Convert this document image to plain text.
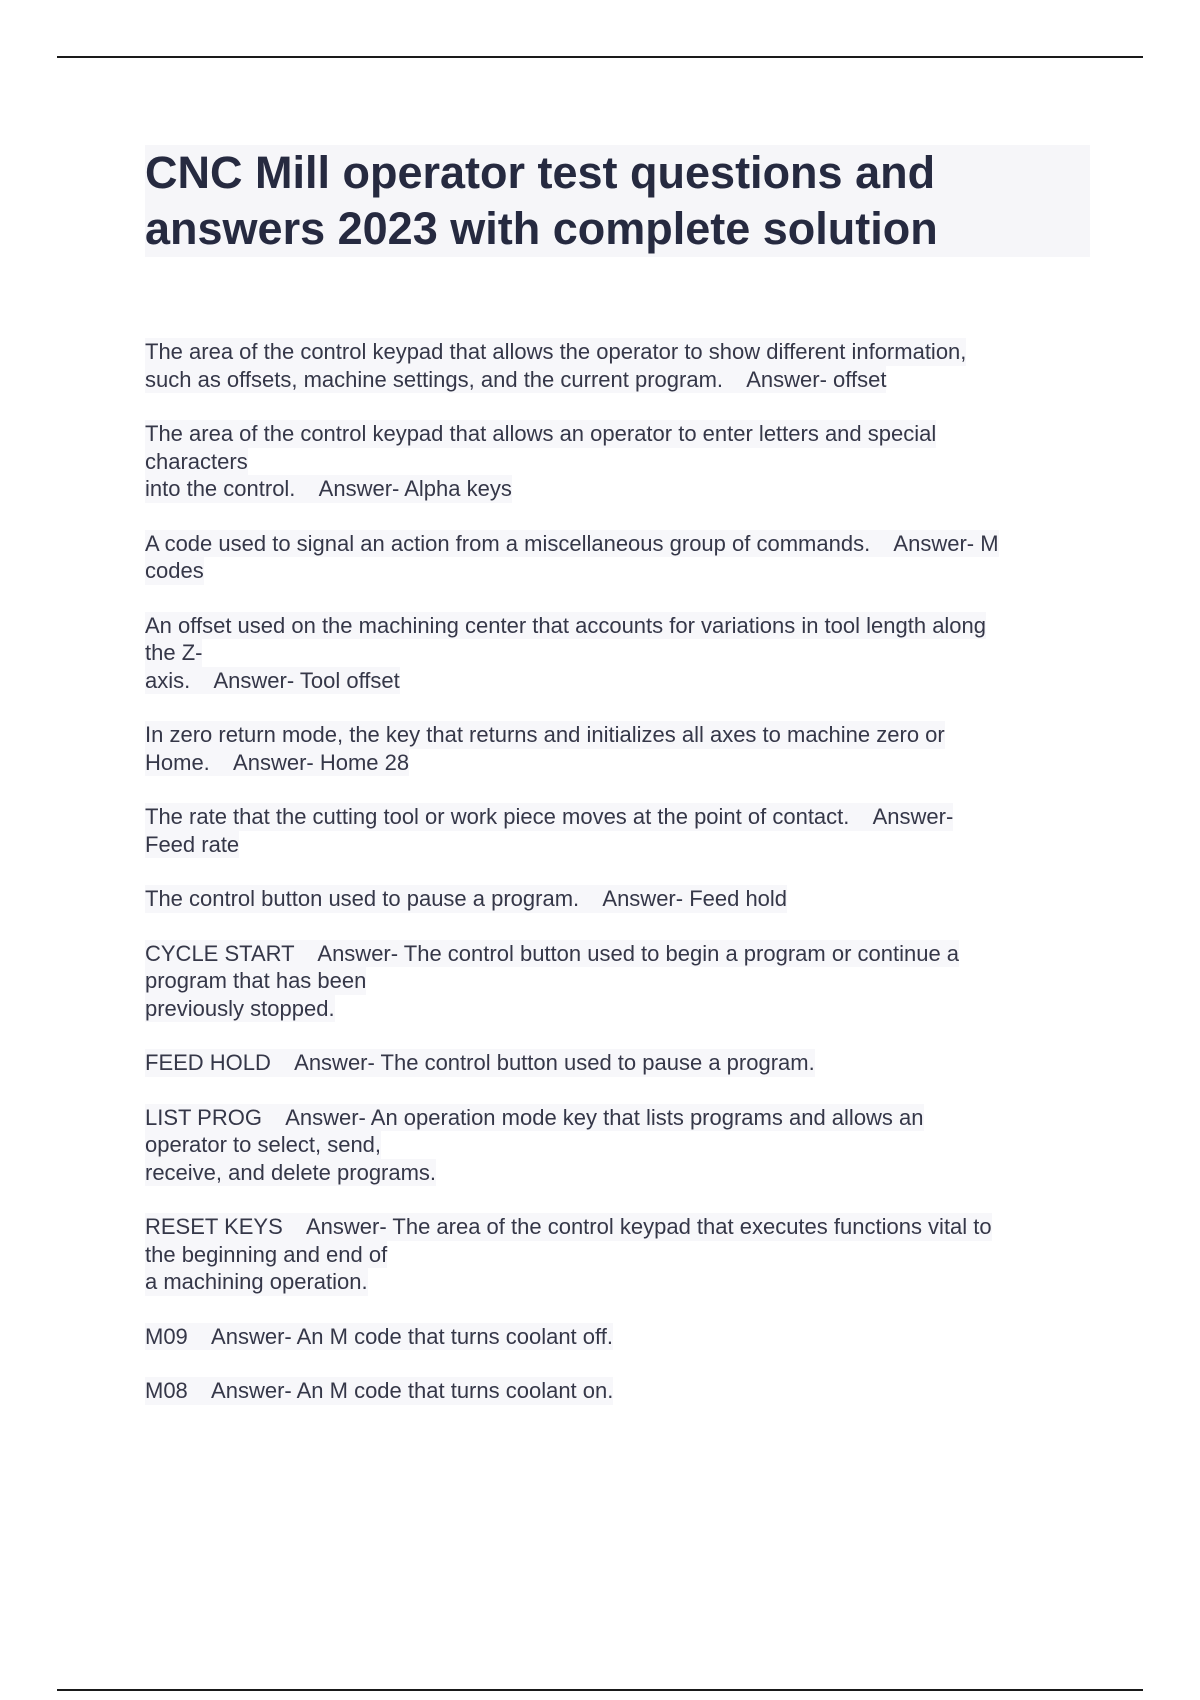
CNC Mill operator test questions and answers 2023 with complete solution

The area of the control keypad that allows the operator to show different information,
such as offsets, machine settings, and the current program.    Answer- offset

The area of the control keypad that allows an operator to enter letters and special
characters
into the control.    Answer- Alpha keys

A code used to signal an action from a miscellaneous group of commands.    Answer- M
codes

An offset used on the machining center that accounts for variations in tool length along
the Z-
axis.    Answer- Tool offset

In zero return mode, the key that returns and initializes all axes to machine zero or
Home.    Answer- Home 28

The rate that the cutting tool or work piece moves at the point of contact.    Answer-
Feed rate

The control button used to pause a program.    Answer- Feed hold

CYCLE START    Answer- The control button used to begin a program or continue a
program that has been
previously stopped.

FEED HOLD    Answer- The control button used to pause a program.

LIST PROG    Answer- An operation mode key that lists programs and allows an
operator to select, send,
receive, and delete programs.

RESET KEYS    Answer- The area of the control keypad that executes functions vital to
the beginning and end of
a machining operation.

M09    Answer- An M code that turns coolant off.

M08    Answer- An M code that turns coolant on.
